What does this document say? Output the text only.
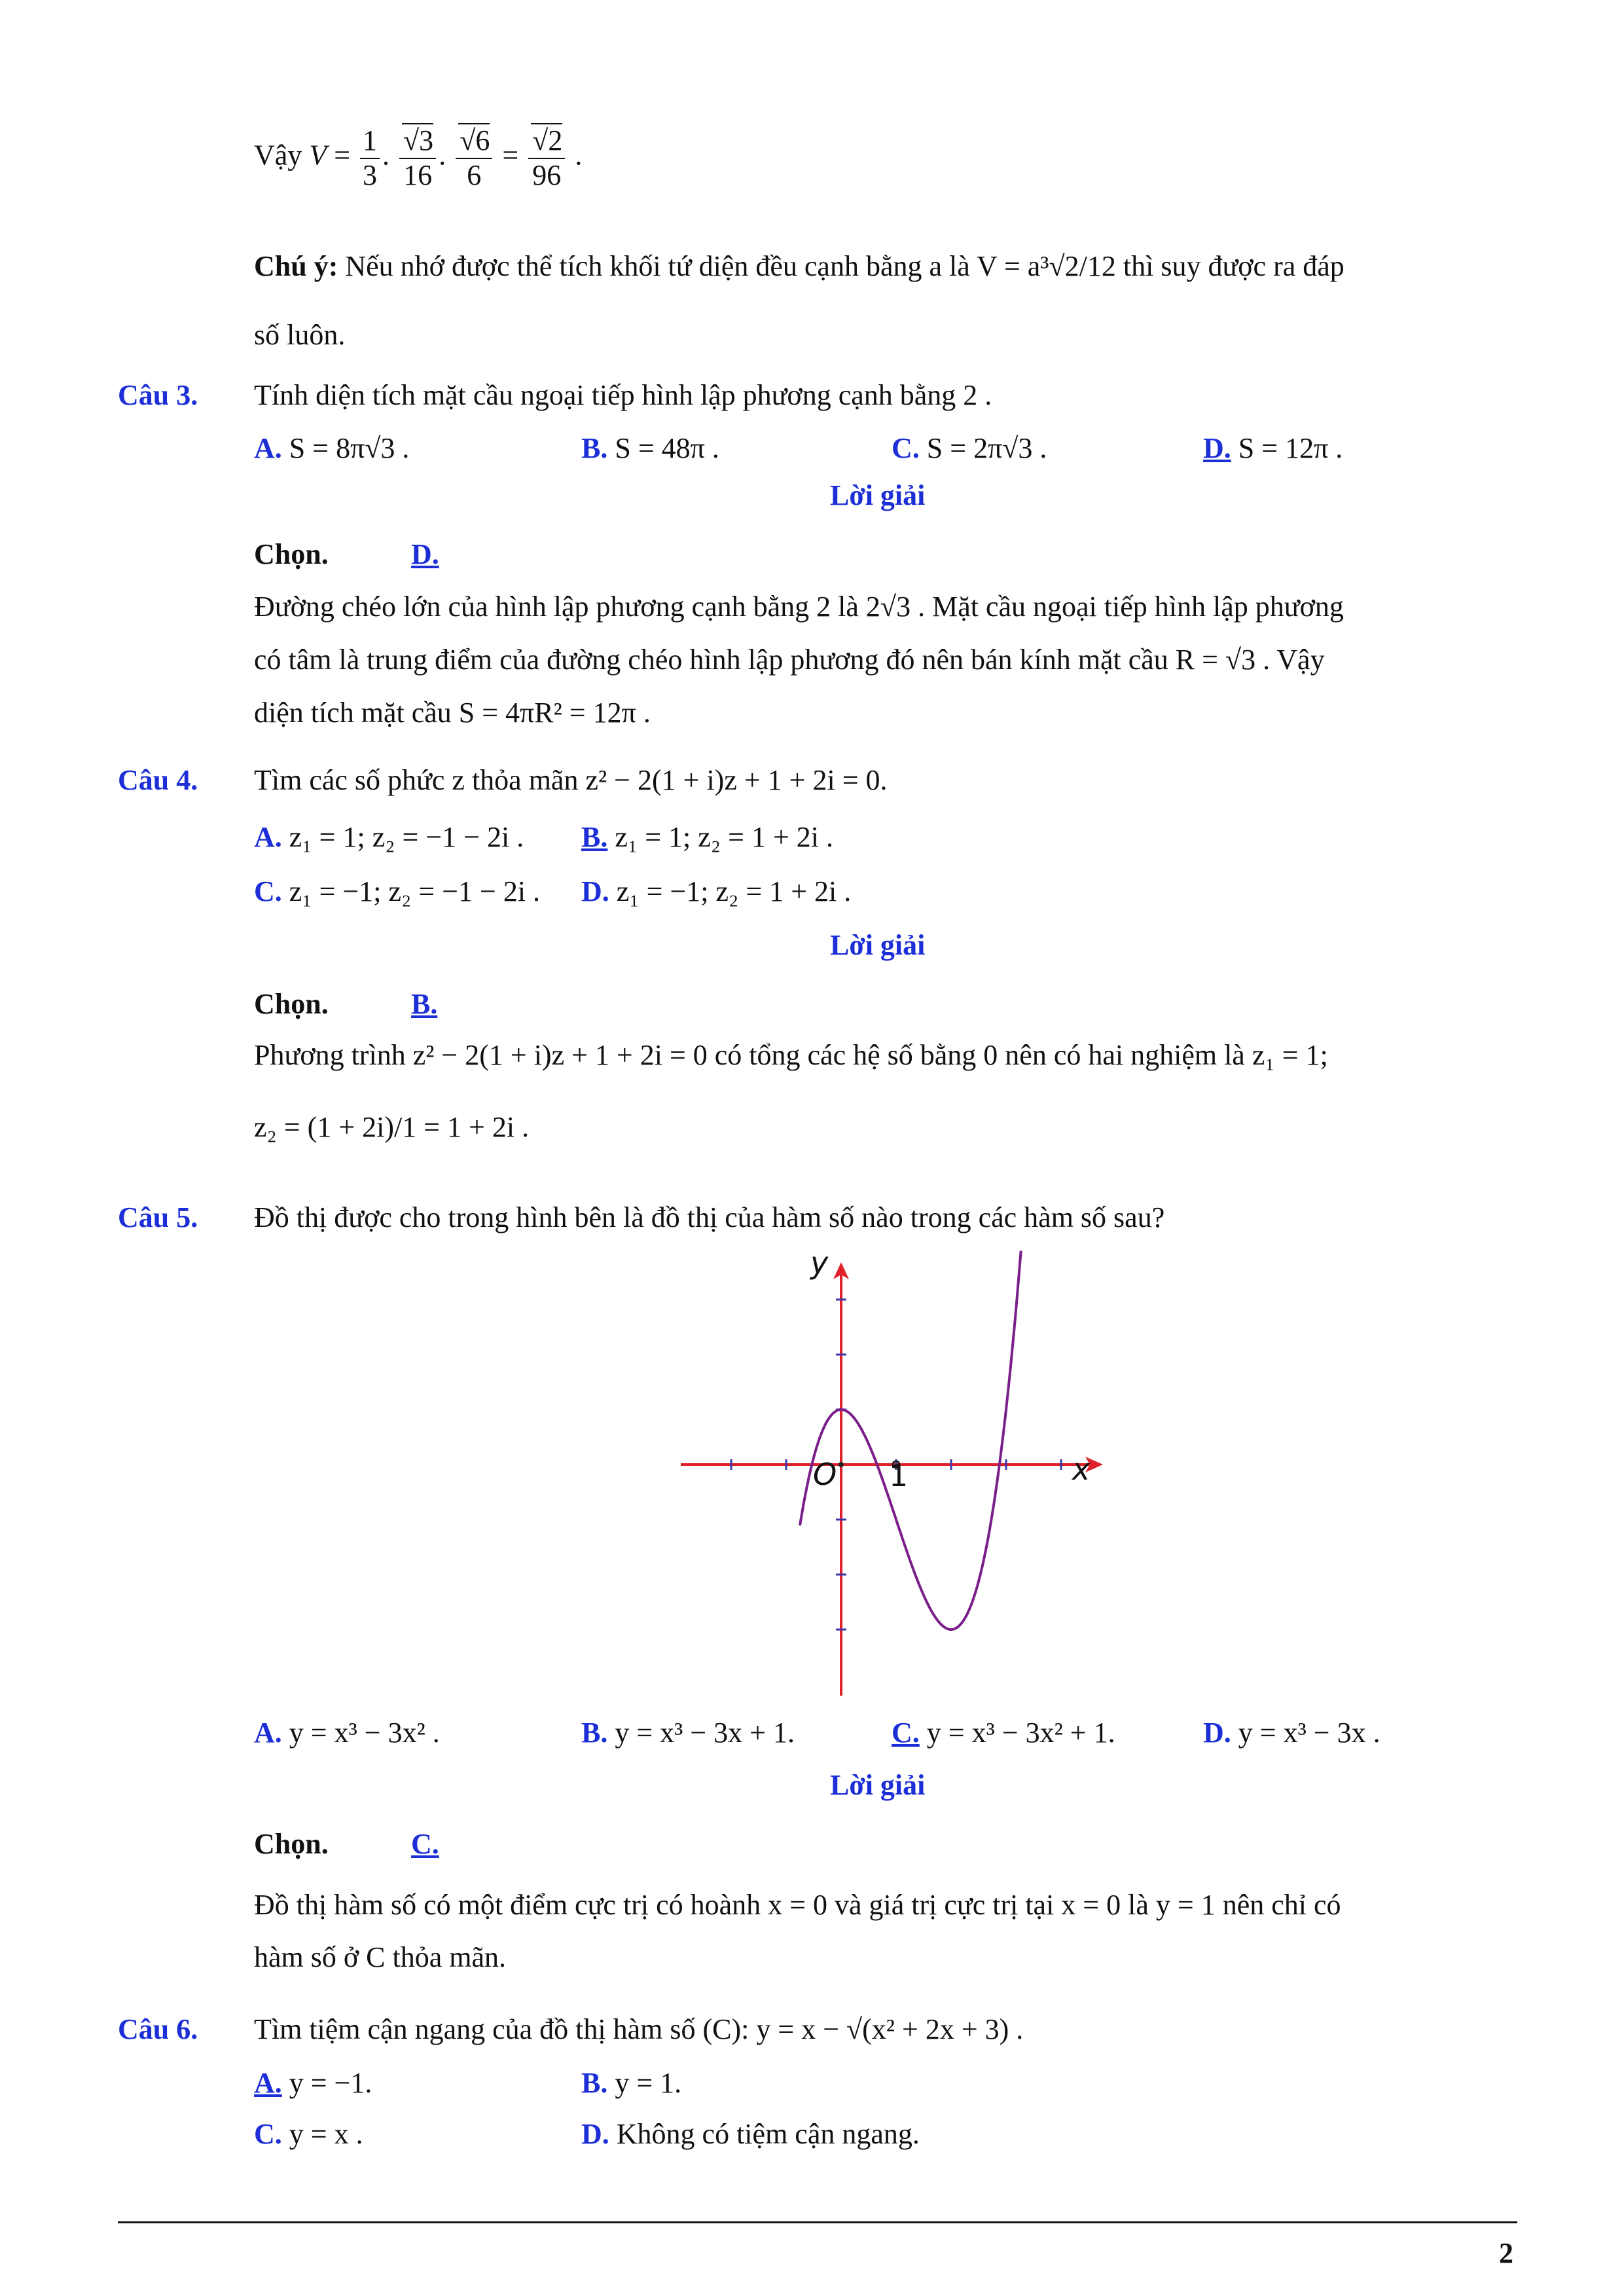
Vậy $V = \frac{1}{3}$ . $\frac{√3}{16}$ . $\frac{√6}{6} = \frac{√2}{96}$ .
Chú ý: Nếu nhớ được thể tích khối tứ diện đều cạnh bằng a là V = a³√2/12 thì suy được ra đáp
số luôn.
Câu 3. Tính diện tích mặt cầu ngoại tiếp hình lập phương cạnh bằng 2 .
A. S = 8π√3 .	B. S = 48π .	C. S = 2π√3 .	D. S = 12π .
Lời giải
Chọn.	D.
Đường chéo lớn của hình lập phương cạnh bằng 2 là 2√3 . Mặt cầu ngoại tiếp hình lập phương
có tâm là trung điểm của đường chéo hình lập phương đó nên bán kính mặt cầu R = √3 . Vậy
diện tích mặt cầu S = 4πR² = 12π .
Câu 4. Tìm các số phức z thỏa mãn z² − 2(1 + i)z + 1 + 2i = 0.
A. z₁ = 1; z₂ = −1 − 2i . B. z₁ = 1; z₂ = 1 + 2i .
C. z₁ = −1; z₂ = −1 − 2i . D. z₁ = −1; z₂ = 1 + 2i .
Lời giải
Chọn.	B.
Phương trình z² − 2(1 + i)z + 1 + 2i = 0 có tổng các hệ số bằng 0 nên có hai nghiệm là z₁ = 1;
z₂ = (1 + 2i)/1 = 1 + 2i .
Câu 5. Đồ thị được cho trong hình bên là đồ thị của hàm số nào trong các hàm số sau?
y
x
O 1
A. y = x³ − 3x² .	B. y = x³ − 3x + 1.	C. y = x³ − 3x² + 1.	D. y = x³ − 3x .
Lời giải
Chọn.	C.
Đồ thị hàm số có một điểm cực trị có hoành x = 0 và giá trị cực trị tại x = 0 là y = 1 nên chỉ có
hàm số ở C thỏa mãn.
Câu 6. Tìm tiệm cận ngang của đồ thị hàm số (C): y = x − √(x² + 2x + 3) .
A. y = −1.	B. y = 1.
C. y = x .	D. Không có tiệm cận ngang.
2
